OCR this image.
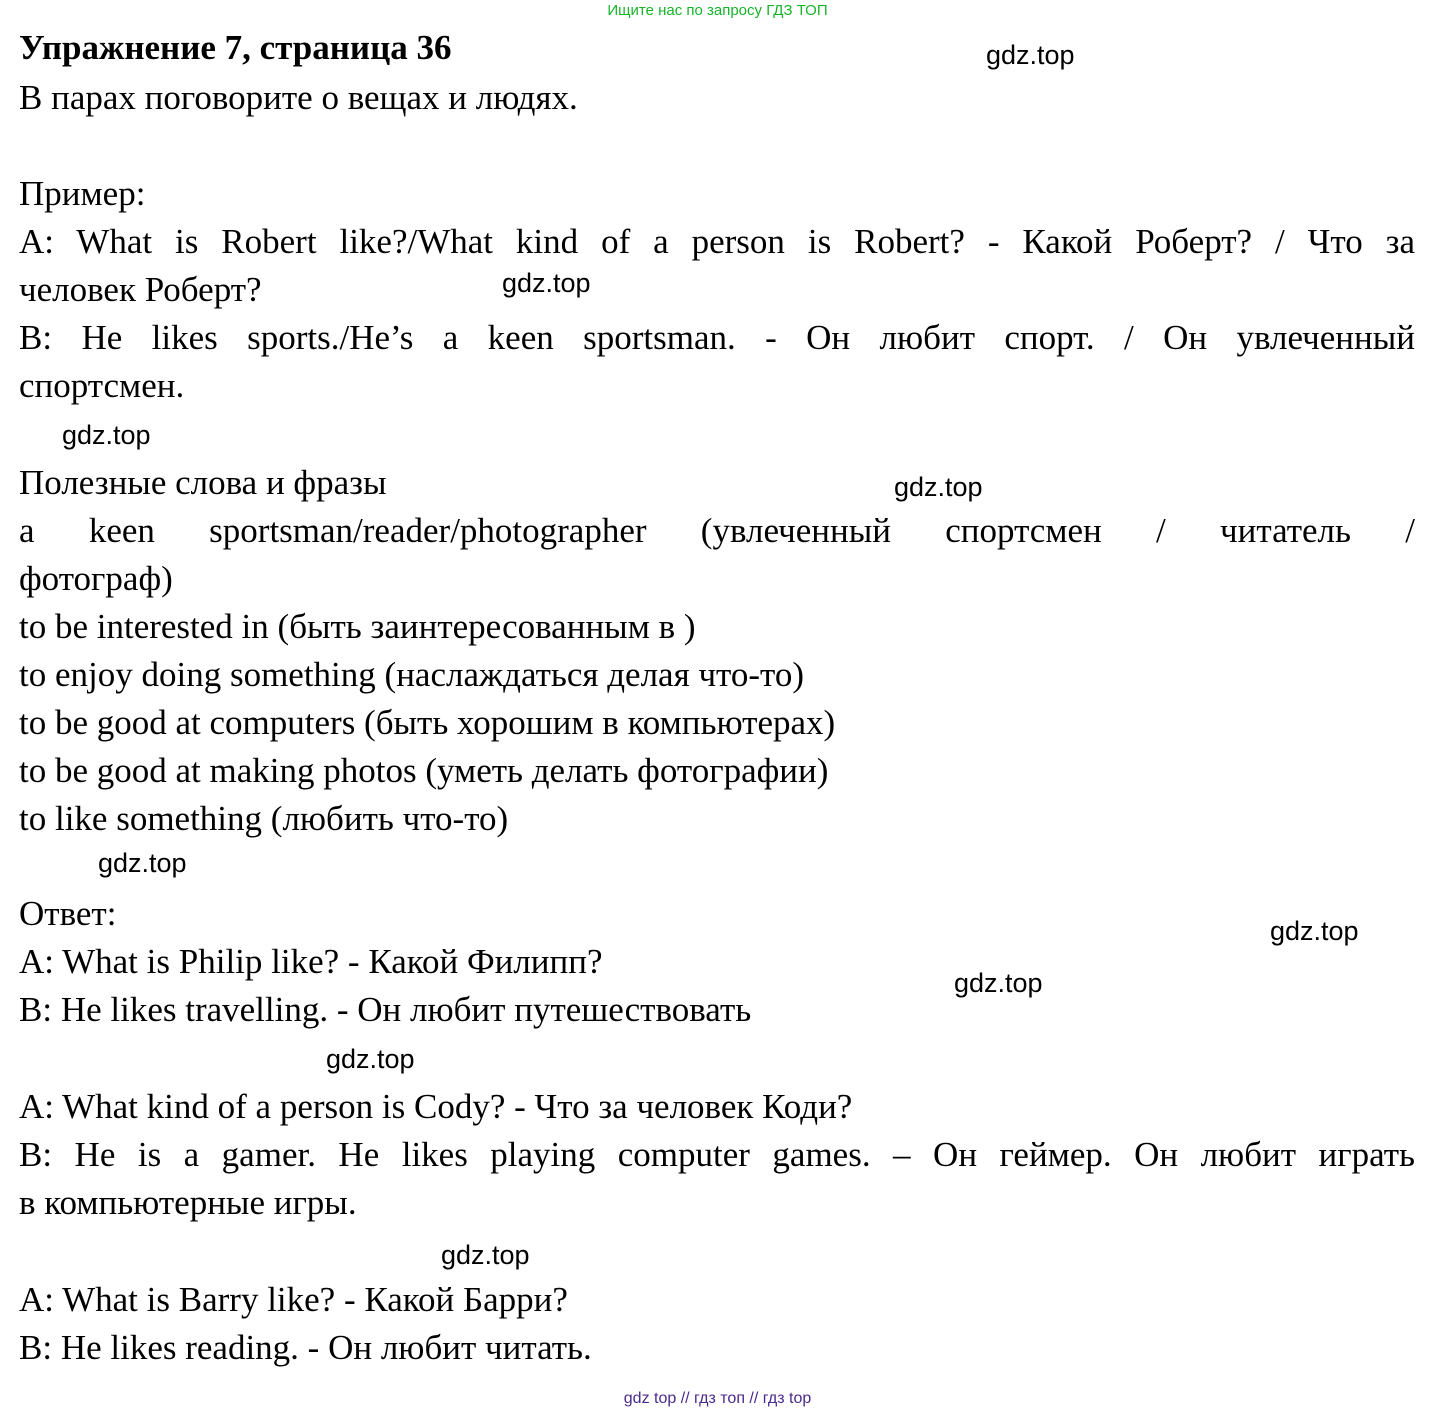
Ищите нас по запросу ГДЗ ТОП
Упражнение 7, страница 36
В парах поговорите о вещах и людях.
Пример:
A: What is Robert like?/What kind of a person is Robert? - Какой Роберт? / Что за
человек Роберт?
B: He likes sports./He’s a keen sportsman. - Он любит спорт. / Он увлеченный
спортсмен.
Полезные слова и фразы
a keen sportsman/reader/photographer (увлеченный спортсмен / читатель /
фотограф)
to be interested in (быть заинтересованным в )
to enjoy doing something (наслаждаться делая что-то)
to be good at computers (быть хорошим в компьютерах)
to be good at making photos (уметь делать фотографии)
to like something (любить что-то)
Ответ:
A: What is Philip like? - Какой Филипп?
B: He likes travelling. - Он любит путешествовать
A: What kind of a person is Cody? - Что за человек Коди?
B: He is a gamer. He likes playing computer games. – Он геймер. Он любит играть
в компьютерные игры.
A: What is Barry like? - Какой Барри?
B: He likes reading. - Он любит читать.
gdz.top
gdz.top
gdz.top
gdz.top
gdz.top
gdz.top
gdz.top
gdz.top
gdz.top
gdz top // гдз топ // гдз top
